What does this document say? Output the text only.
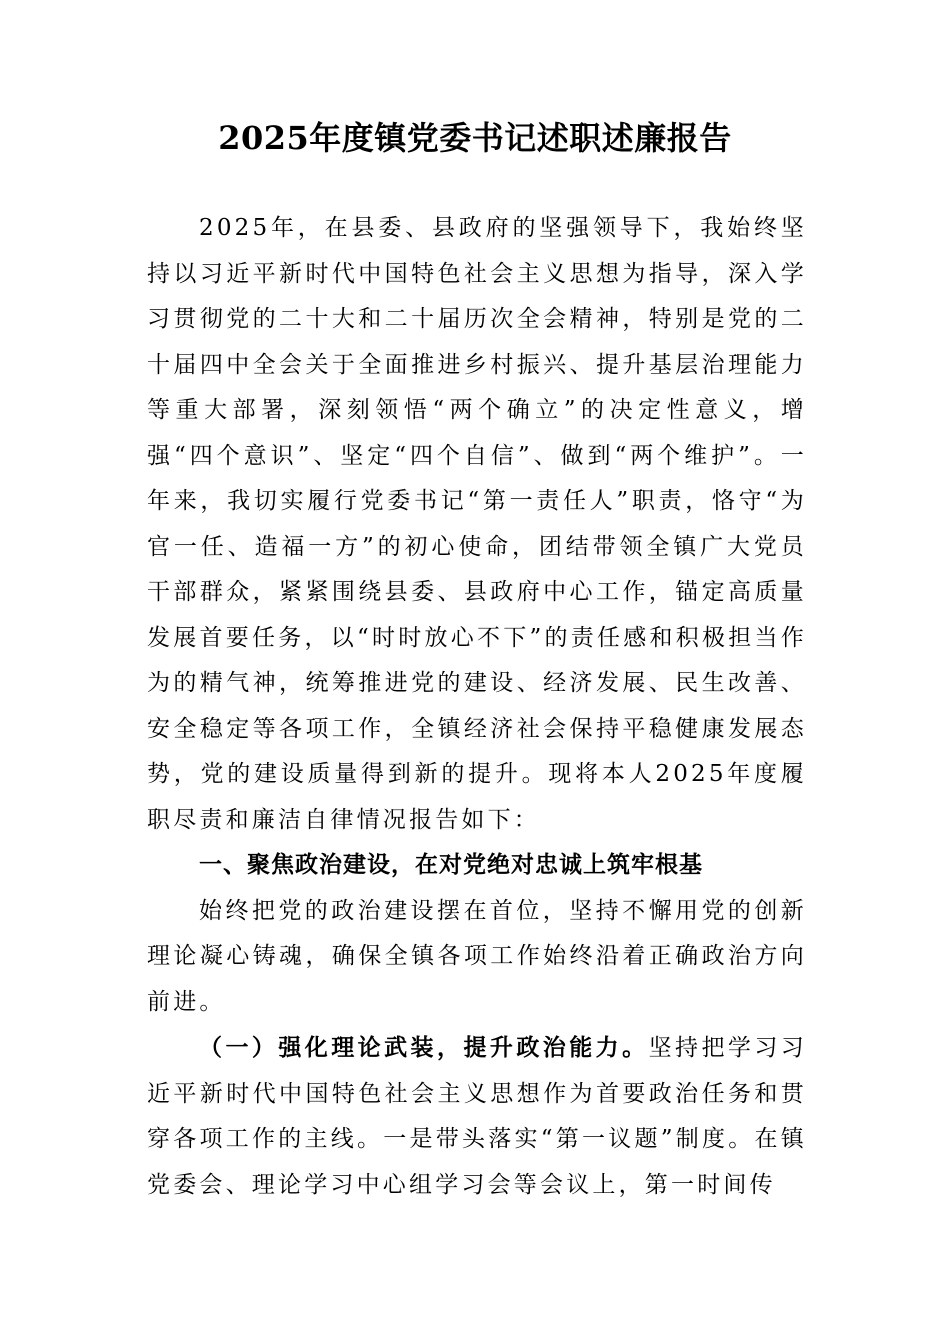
2025年度镇党委书记述职述廉报告

2025年，在县委、县政府的坚强领导下，我始终坚持以习近平新时代中国特色社会主义思想为指导，深入学习贯彻党的二十大和二十届历次全会精神，特别是党的二十届四中全会关于全面推进乡村振兴、提升基层治理能力等重大部署，深刻领悟“两个确立”的决定性意义，增强“四个意识”、坚定“四个自信”、做到“两个维护”。一年来，我切实履行党委书记“第一责任人”职责，恪守“为官一任、造福一方”的初心使命，团结带领全镇广大党员干部群众，紧紧围绕县委、县政府中心工作，锚定高质量发展首要任务，以“时时放心不下”的责任感和积极担当作为的精气神，统筹推进党的建设、经济发展、民生改善、安全稳定等各项工作，全镇经济社会保持平稳健康发展态势，党的建设质量得到新的提升。现将本人2025年度履职尽责和廉洁自律情况报告如下：

一、聚焦政治建设，在对党绝对忠诚上筑牢根基

始终把党的政治建设摆在首位，坚持不懈用党的创新理论凝心铸魂，确保全镇各项工作始终沿着正确政治方向前进。

（一）强化理论武装，提升政治能力。坚持把学习习近平新时代中国特色社会主义思想作为首要政治任务和贯穿各项工作的主线。一是带头落实“第一议题”制度。在镇党委会、理论学习中心组学习会等会议上，第一时间传
